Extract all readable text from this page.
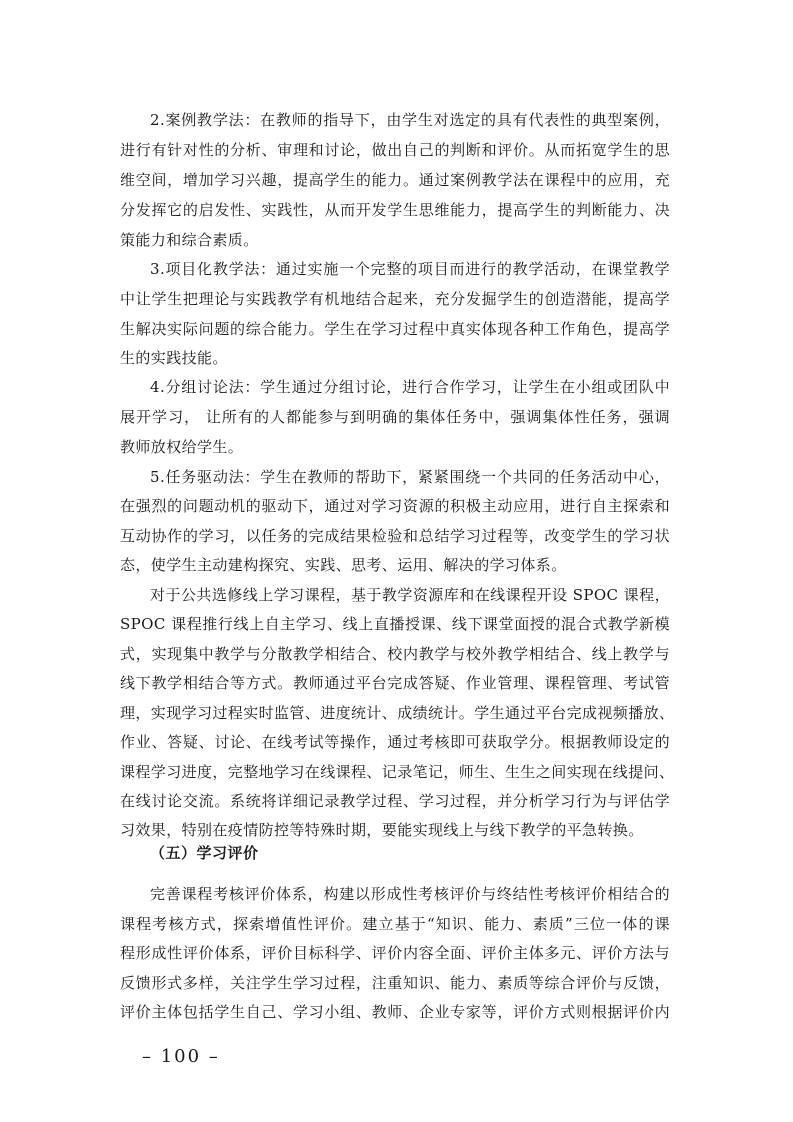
2.案例教学法：在教师的指导下，由学生对选定的具有代表性的典型案例，
进行有针对性的分析、审理和讨论，做出自己的判断和评价。从而拓宽学生的思
维空间，增加学习兴趣，提高学生的能力。通过案例教学法在课程中的应用，充
分发挥它的启发性、实践性，从而开发学生思维能力，提高学生的判断能力、决
策能力和综合素质。
3.项目化教学法：通过实施一个完整的项目而进行的教学活动，在课堂教学
中让学生把理论与实践教学有机地结合起来，充分发掘学生的创造潜能，提高学
生解决实际问题的综合能力。学生在学习过程中真实体现各种工作角色，提高学
生的实践技能。
4.分组讨论法：学生通过分组讨论，进行合作学习，让学生在小组或团队中
展开学习， 让所有的人都能参与到明确的集体任务中，强调集体性任务，强调
教师放权给学生。
5.任务驱动法：学生在教师的帮助下，紧紧围绕一个共同的任务活动中心，
在强烈的问题动机的驱动下，通过对学习资源的积极主动应用，进行自主探索和
互动协作的学习，以任务的完成结果检验和总结学习过程等，改变学生的学习状
态，使学生主动建构探究、实践、思考、运用、解决的学习体系。
对于公共选修线上学习课程，基于教学资源库和在线课程开设 SPOC 课程，
SPOC 课程推行线上自主学习、线上直播授课、线下课堂面授的混合式教学新模
式，实现集中教学与分散教学相结合、校内教学与校外教学相结合、线上教学与
线下教学相结合等方式。教师通过平台完成答疑、作业管理、课程管理、考试管
理，实现学习过程实时监管、进度统计、成绩统计。学生通过平台完成视频播放、
作业、答疑、讨论、在线考试等操作，通过考核即可获取学分。根据教师设定的
课程学习进度，完整地学习在线课程、记录笔记，师生、生生之间实现在线提问、
在线讨论交流。系统将详细记录教学过程、学习过程，并分析学习行为与评估学
习效果，特别在疫情防控等特殊时期，要能实现线上与线下教学的平急转换。
（五）学习评价
完善课程考核评价体系，构建以形成性考核评价与终结性考核评价相结合的
课程考核方式，探索增值性评价。建立基于“知识、能力、素质”三位一体的课
程形成性评价体系，评价目标科学、评价内容全面、评价主体多元、评价方法与
反馈形式多样，关注学生学习过程，注重知识、能力、素质等综合评价与反馈，
评价主体包括学生自己、学习小组、教师、企业专家等，评价方式则根据评价内
– 100 –
